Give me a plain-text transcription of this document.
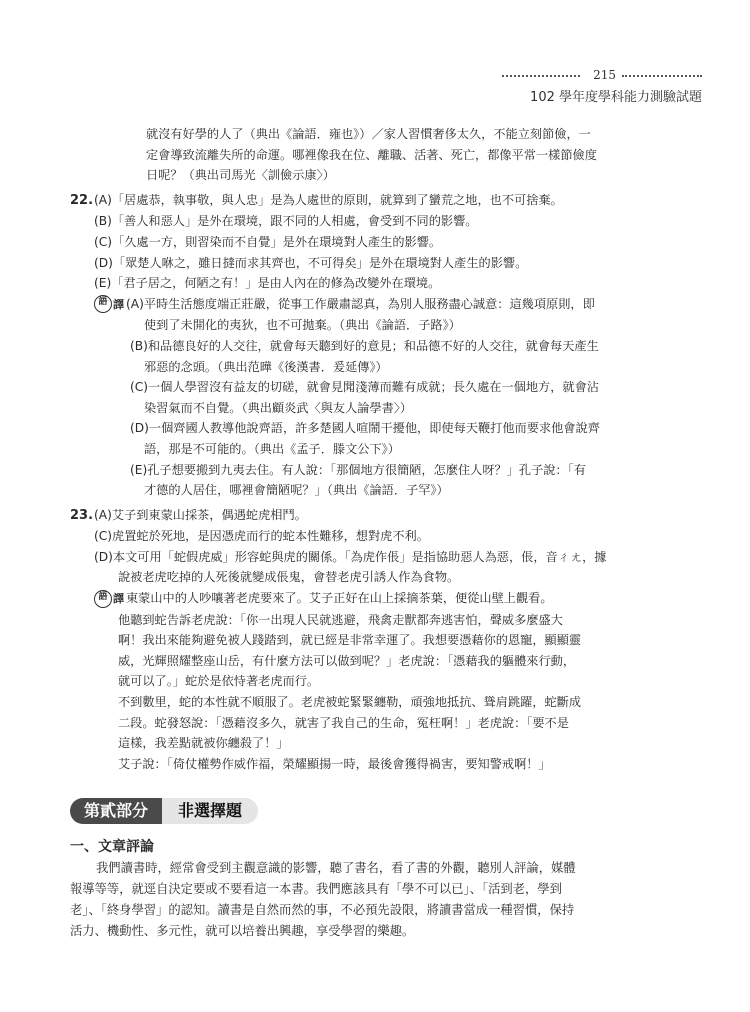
215
102 學年度學科能力測驗試題
就沒有好學的人了（典出《論語．雍也》）／家人習慣奢侈太久，不能立刻節儉，一
定會導致流離失所的命運。哪裡像我在位、離職、活著、死亡，都像平常一樣節儉度
日呢？（典出司馬光〈訓儉示康〉）
22.(A)「居處恭，執事敬，與人忠」是為人處世的原則，就算到了蠻荒之地，也不可捨棄。
(B)「善人和惡人」是外在環境，跟不同的人相處，會受到不同的影響。
(C)「久處一方，則習染而不自覺」是外在環境對人產生的影響。
(D)「眾楚人咻之，雖日撻而求其齊也，不可得矣」是外在環境對人產生的影響。
(E)「君子居之，何陋之有！」是由人內在的修為改變外在環境。
語 譯 (A)平時生活態度端正莊嚴，從事工作嚴肅認真，為別人服務盡心誠意：這幾項原則，即
使到了未開化的夷狄，也不可拋棄。（典出《論語．子路》）
(B)和品德良好的人交往，就會每天聽到好的意見；和品德不好的人交往，就會每天產生
邪惡的念頭。（典出范曄《後漢書．爰延傳》）
(C)一個人學習沒有益友的切磋，就會見聞淺薄而難有成就；長久處在一個地方，就會沾
染習氣而不自覺。（典出顧炎武〈與友人論學書〉）
(D)一個齊國人教導他說齊語，許多楚國人喧鬧干擾他，即使每天鞭打他而要求他會說齊
語，那是不可能的。（典出《孟子．滕文公下》）
(E)孔子想要搬到九夷去住。有人說：「那個地方很簡陋，怎麼住人呀？」孔子說：「有
才德的人居住，哪裡會簡陋呢？」（典出《論語．子罕》）
23.(A)艾子到東蒙山採茶，偶遇蛇虎相鬥。
(C)虎置蛇於死地，是因憑虎而行的蛇本性難移，想對虎不利。
(D)本文可用「蛇假虎威」形容蛇與虎的關係。「為虎作倀」是指協助惡人為惡，倀，音ㄔㄤ，據
說被老虎吃掉的人死後就變成倀鬼，會替老虎引誘人作為食物。
語 譯 東蒙山中的人吵嚷著老虎要來了。艾子正好在山上採摘茶葉，便從山壁上觀看。
他聽到蛇告訴老虎說：「你一出現人民就逃避，飛禽走獸都奔逃害怕，聲威多麼盛大
啊！我出來能夠避免被人踐踏到，就已經是非常幸運了。我想要憑藉你的恩寵，顯顯靈
威，光輝照耀整座山岳，有什麼方法可以做到呢？」老虎說：「憑藉我的軀體來行動，
就可以了。」蛇於是依恃著老虎而行。
不到數里，蛇的本性就不順服了。老虎被蛇緊緊纏勒，頑強地抵抗、聳肩跳躍，蛇斷成
二段。蛇發怒說：「憑藉沒多久，就害了我自己的生命，冤枉啊！」老虎說：「要不是
這樣，我差點就被你纏殺了！」
艾子說：「倚仗權勢作威作福，榮耀顯揚一時，最後會獲得禍害，要知警戒啊！」
第貳部分	非選擇題
一、文章評論
我們讀書時，經常會受到主觀意識的影響，聽了書名，看了書的外觀，聽別人評論，媒體
報導等等，就逕自決定要或不要看這一本書。我們應該具有「學不可以已」、「活到老，學到
老」、「終身學習」的認知。讀書是自然而然的事，不必預先設限，將讀書當成一種習慣，保持
活力、機動性、多元性，就可以培養出興趣，享受學習的樂趣。
